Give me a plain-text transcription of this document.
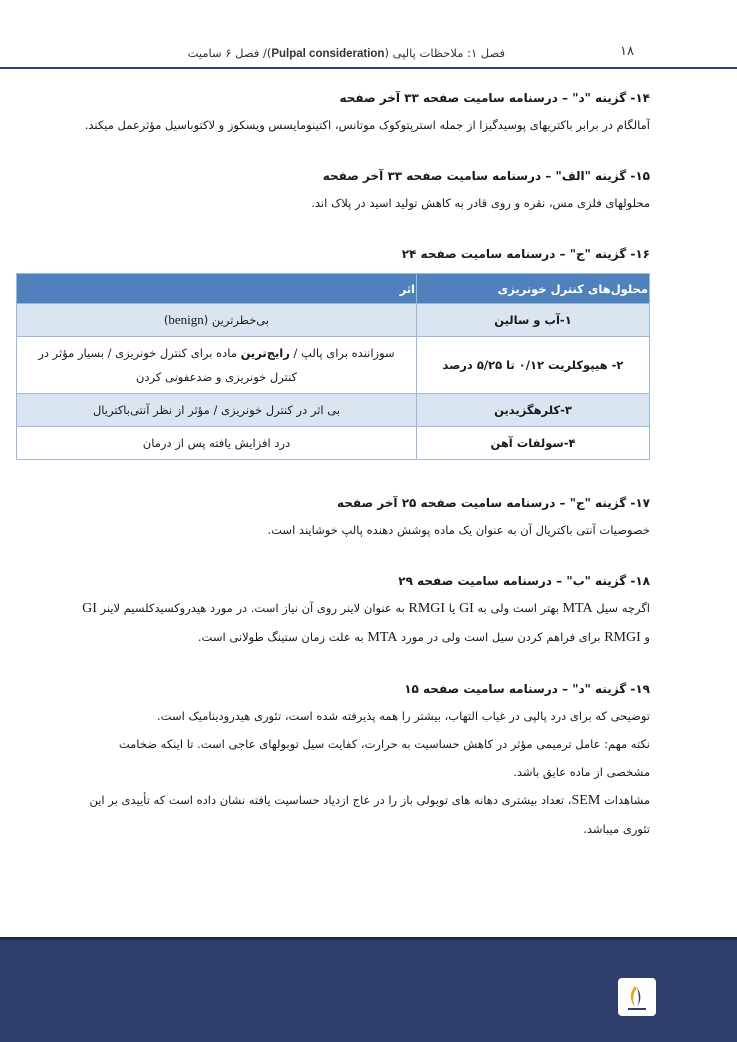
۱۸
فصل ۱: ملاحظات پالپی (Pulpal consideration)/ فصل ۶ سامیت

۱۴- گزینه "د" – درسنامه سامیت صفحه ۳۳ آخر صفحه

آمالگام در برابر باکتریهای پوسیدگیزا از جمله استرپتوکوک موتانس، اکتینومایسس ویسکوز و لاکتوباسیل مؤثرعمل میکند.

۱۵- گزینه "الف" – درسنامه سامیت صفحه ۳۳ آخر صفحه

محلولهای فلزی مس، نقره و روی قادر به کاهش تولید اسید در پلاک اند.

۱۶- گزینه "ج" – درسنامه سامیت صفحه ۲۴

محلول‌های کنترل خونریزی	اثر
۱-آب و سالین	بی‌خطرترین (benign)
۲- هیپوکلریت ۰/۱۲ تا ۵/۲۵ درصد	سوزاننده برای پالپ / رایج‌ترین ماده برای کنترل خونریزی / بسیار مؤثر در کنترل خونریزی و ضدعفونی کردن
۳-کلرهگزیدین	بی اثر در کنترل خونریزی / مؤثر از نظر آنتی‌باکتریال
۴-سولفات آهن	درد افزایش یافته پس از درمان

۱۷- گزینه "ج" – درسنامه سامیت صفحه ۲۵ آخر صفحه

خصوصیات آنتی باکتریال آن به عنوان یک ماده پوشش دهنده پالپ خوشایند است.

۱۸- گزینه "ب" – درسنامه سامیت صفحه ۲۹

اگرچه سیل MTA بهتر است ولی به GI یا RMGI به عنوان لاینر روی آن نیاز است. در مورد هیدروکسیدکلسیم لاینر GI و RMGI برای فراهم کردن سیل است ولی در مورد MTA به علت زمان ستینگ طولانی است.

۱۹- گزینه "د" – درسنامه سامیت صفحه ۱۵

توضیحی که برای درد پالپی در غیاب التهاب، بیشتر را همه پذیرفته شده است، تئوری هیدرودینامیک است.

نکته مهم: عامل ترمیمی مؤثر در کاهش حساسیت به حرارت، کفایت سیل توبولهای عاجی است. تا اینکه ضخامت مشخصی از ماده عایق باشد.

مشاهدات SEM، تعداد بیشتری دهانه های توبولی باز را در عاج ازدیاد حساسیت یافته نشان داده است که تأییدی بر این تئوری میباشد.
